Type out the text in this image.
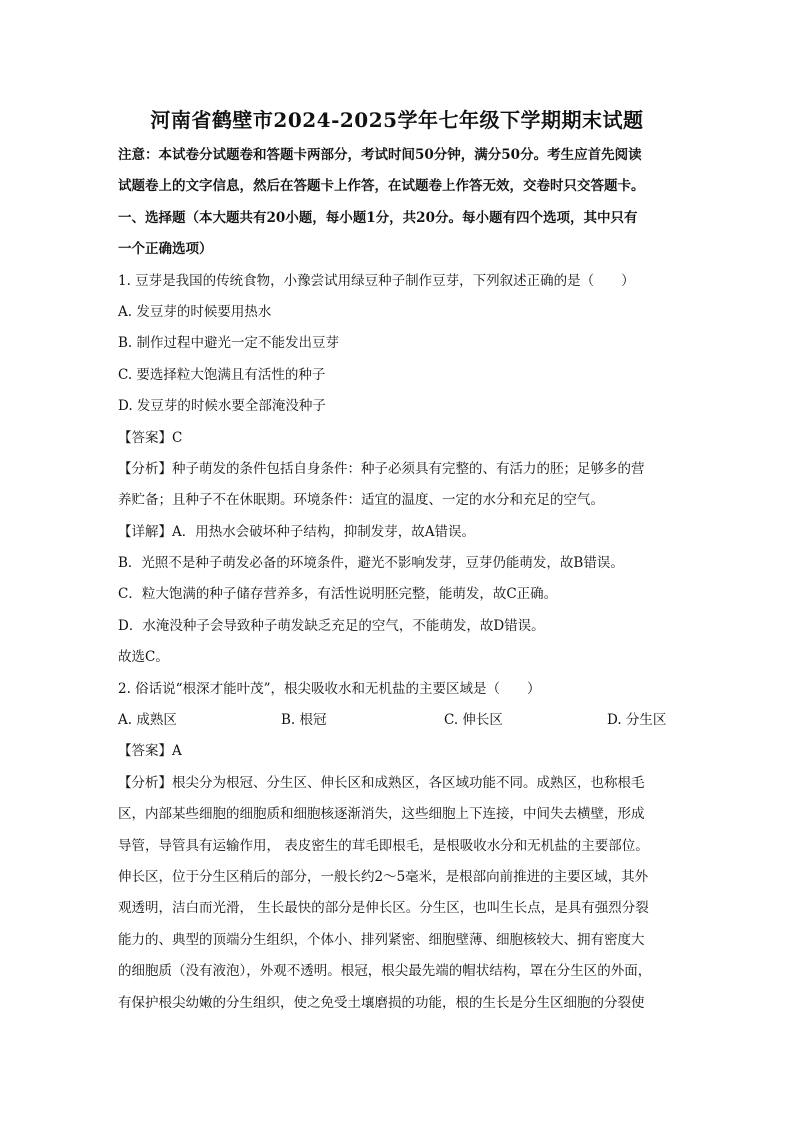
河南省鹤壁市2024-2025学年七年级下学期期末试题
注意：本试卷分试题卷和答题卡两部分，考试时间50分钟，满分50分。考生应首先阅读
试题卷上的文字信息，然后在答题卡上作答，在试题卷上作答无效，交卷时只交答题卡。
一、选择题（本大题共有20小题，每小题1分，共20分。每小题有四个选项，其中只有
一个正确选项）
1. 豆芽是我国的传统食物，小豫尝试用绿豆种子制作豆芽，下列叙述正确的是（　　）
A. 发豆芽的时候要用热水
B. 制作过程中避光一定不能发出豆芽
C. 要选择粒大饱满且有活性的种子
D. 发豆芽的时候水要全部淹没种子
【答案】C
【分析】种子萌发的条件包括自身条件：种子必须具有完整的、有活力的胚；足够多的营
养贮备；且种子不在休眠期。环境条件：适宜的温度、一定的水分和充足的空气。
【详解】A．用热水会破坏种子结构，抑制发芽，故A错误。
B．光照不是种子萌发必备的环境条件，避光不影响发芽，豆芽仍能萌发，故B错误。
C．粒大饱满的种子储存营养多，有活性说明胚完整，能萌发，故C正确。
D．水淹没种子会导致种子萌发缺乏充足的空气，不能萌发，故D错误。
故选C。
2. 俗话说“根深才能叶茂”，根尖吸收水和无机盐的主要区域是（　　）
A. 成熟区	B. 根冠	C. 伸长区	D. 分生区
【答案】A
【分析】根尖分为根冠、分生区、伸长区和成熟区，各区域功能不同。成熟区，也称根毛
区，内部某些细胞的细胞质和细胞核逐渐消失，这些细胞上下连接，中间失去横壁，形成
导管，导管具有运输作用， 表皮密生的茸毛即根毛，是根吸收水分和无机盐的主要部位。
伸长区，位于分生区稍后的部分，一般长约2～5毫米，是根部向前推进的主要区域，其外
观透明，洁白而光滑， 生长最快的部分是伸长区。分生区，也叫生长点，是具有强烈分裂
能力的、典型的顶端分生组织，个体小、排列紧密、细胞壁薄、细胞核较大、拥有密度大
的细胞质（没有液泡），外观不透明。根冠，根尖最先端的帽状结构，罩在分生区的外面，
有保护根尖幼嫩的分生组织，使之免受土壤磨损的功能，根的生长是分生区细胞的分裂使
